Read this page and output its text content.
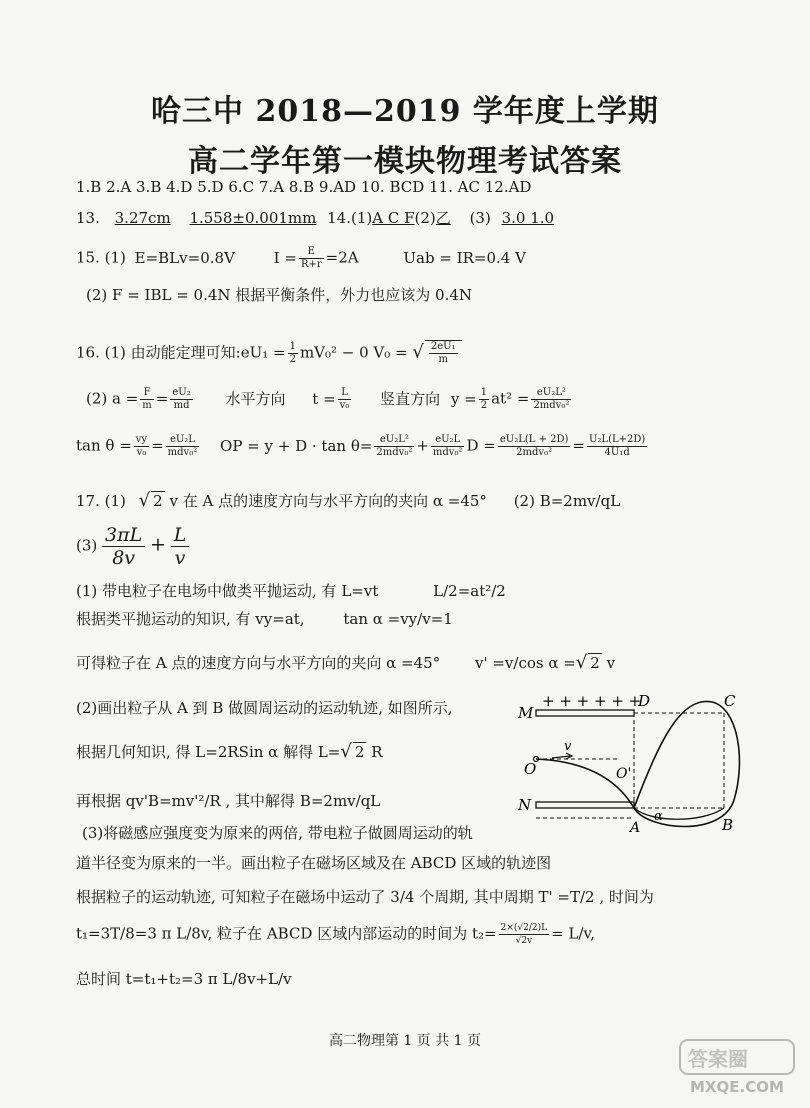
哈三中 2018—2019 学年度上学期
高二学年第一模块物理考试答案
1.B 2.A 3.B 4.D 5.D 6.C 7.A 8.B 9.AD 10. BCD 11. AC 12.AD
13. 3.27cm 1.558±0.001mm 14.(1)A C F(2)乙 (3) 3.0 1.0
15. (1) E=BLv=0.8V	$I = \frac{E}{R+r} =2A$	Uab = IR=0.4 V
(2) F = IBL = 0.4N 根据平衡条件，外力也应该为 0.4N
16. (1) 由动能定理可知:eU₁ = $\frac{1}{2} mV_0^2 - 0$ V₀ = √ $\frac{\text{2eU₁}}{m}$
(2) $a = \frac{F}{m} = \frac{\text{eU₂}}{md}$ 水平方向 $t = \frac{L}{\text{v₀}}$ 竖直方向 $y = \frac{1}{2} at^2 = \frac{\text{eU₂L²}}{\text{2mdv₀²}}$
$\tan \theta = \frac{vy}{\text{v₀}} = \frac{\text{eU₂L}}{\text{mdv₀²}}$ OP = $y + D \cdot \tan \theta= \frac{\text{eU₂L²}}{\text{2mdv₀²}} + \frac{\text{eU₂L}}{\text{mdv₀²}}$ $D = \frac{\text{eU₂L(L + 2D)}}{\text{2mdv₀²}} = \frac{\text{U₂L(L+2D)}}{\text{4U₁d}}$
17. (1) √ 2 v 在 A 点的速度方向与水平方向的夹向 α =45° (2) B=2mv/qL
$(3) \frac{3\pi L}{8v} + \frac{L}{v}$
(1) 带电粒子在电场中做类平抛运动, 有 L=vt	L/2=at²/2
根据类平抛运动的知识, 有 vy=at,	tan α =vy/v=1
可得粒子在 A 点的速度方向与水平方向的夹向 α =45° v' =v/cos α =√ 2 v
(2)画出粒子从 A 到 B 做圆周运动的运动轨迹, 如图所示,
根据几何知识, 得 L=2RSin α 解得 L=√ 2 R
再根据 qv'B=mv'²/R , 其中解得 B=2mv/qL
(3)将磁感应强度变为原来的两倍, 带电粒子做圆周运动的轨
道半径变为原来的一半。画出粒子在磁场区域及在 ABCD 区域的轨迹图
根据粒子的运动轨迹, 可知粒子在磁场中运动了 3/4 个周期, 其中周期 T' =T/2 , 时间为
t₁=3T/8=3 π L/8v, 粒子在 ABCD 区域内部运动的时间为 $t_2= \frac{2\times(√2/2)L}{√2v} = L/v$,
总时间 t=t₁+t₂=3 π L/8v+L/v
+ + + + + +
M
N
D	C
O	O'
v
A	B
α
高二物理第 1 页 共 1 页
答案圈
MXQE.COM
